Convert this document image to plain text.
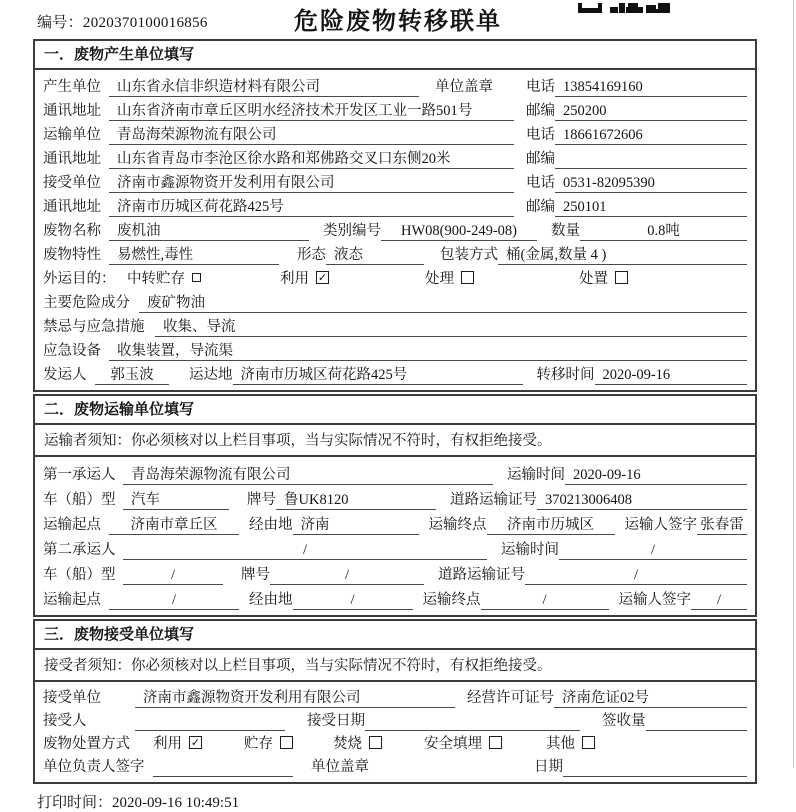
编号：2020370100016856	危险废物转移联单
一．废物产生单位填写
产生单位	山东省永信非织造材料有限公司	单位盖章 电话 13854169160
通讯地址	山东省济南市章丘区明水经济技术开发区工业一路501号	邮编 250200
运输单位	青岛海荣源物流有限公司	电话 18661672606
通讯地址	山东省青岛市李沧区徐水路和郑佛路交叉口东侧20米	邮编
接受单位	济南市鑫源物资开发利用有限公司	电话 0531-82095390
通讯地址	济南市历城区荷花路425号	邮编 250101
废物名称	废机油	类别编号	HW08(900-249-08)	数量	0.8吨
废物特性	易燃性,毒性	形态 液态	包装方式 桶(金属,数量 4 )
外运目的： 中转贮存	利用 ✓	处理	处置
主要危险成分	废矿物油
禁忌与应急措施	收集、导流
应急设备	收集装置，导流渠
发运人	郭玉波	运达地 济南市历城区荷花路425号	转移时间 2020-09-16
二．废物运输单位填写
运输者须知：你必须核对以上栏目事项，当与实际情况不符时，有权拒绝接受。
第一承运人	青岛海荣源物流有限公司	运输时间 2020-09-16
车（船）型	汽车	牌号 鲁UK8120	道路运输证号 370213006408
运输起点	济南市章丘区	经由地 济南	运输终点	济南市历城区	运输人签字 张春雷
第二承运人	/	运输时间	/
车（船）型	/	牌号	/	道路运输证号	/
运输起点	/	经由地	/	运输终点	/	运输人签字	/
三．废物接受单位填写
接受者须知：你必须核对以上栏目事项，当与实际情况不符时，有权拒绝接受。
接受单位	济南市鑫源物资开发利用有限公司	经营许可证号 济南危证02号
接受人	接受日期	签收量
废物处置方式	利用 ✓	贮存	焚烧	安全填埋	其他
单位负责人签字	单位盖章	日期
打印时间：2020-09-16 10:49:51
